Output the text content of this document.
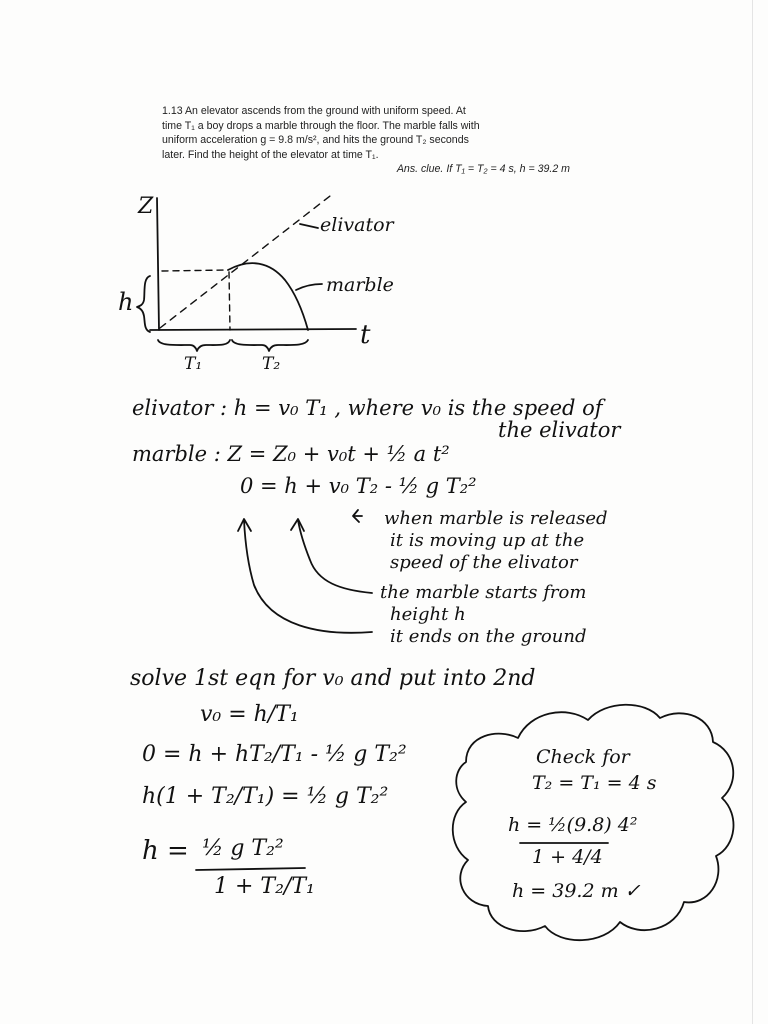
1.13 An elevator ascends from the ground with uniform speed. At

time T₁ a boy drops a marble through the floor. The marble falls with

uniform acceleration g = 9.8 m/s², and hits the ground T₂ seconds

later. Find the height of the elevator at time T₁.

Ans. clue. If T₁ = T₂ = 4 s, h = 39.2 m

Z
t
h
elivator
marble
T₁	T₂
elivator : h = v₀ T₁ , where v₀ is the speed of
the elivator
marble : Z = Z₀ + v₀t + ½ a t²
0 = h + v₀ T₂ - ½ g T₂²
when marble is released
it is moving up at the
speed of the elivator
the marble starts from
height h
it ends on the ground
solve 1st eqn for v₀ and put into 2nd
v₀ = h/T₁
0 = h + hT₂/T₁ - ½ g T₂²
h(1 + T₂/T₁) = ½ g T₂²
h = ½ g T₂²
1 + T₂/T₁
Check for
T₂ = T₁ = 4 s
h = ½(9.8) 4²
1 + 4/4
h = 39.2 m ✓
